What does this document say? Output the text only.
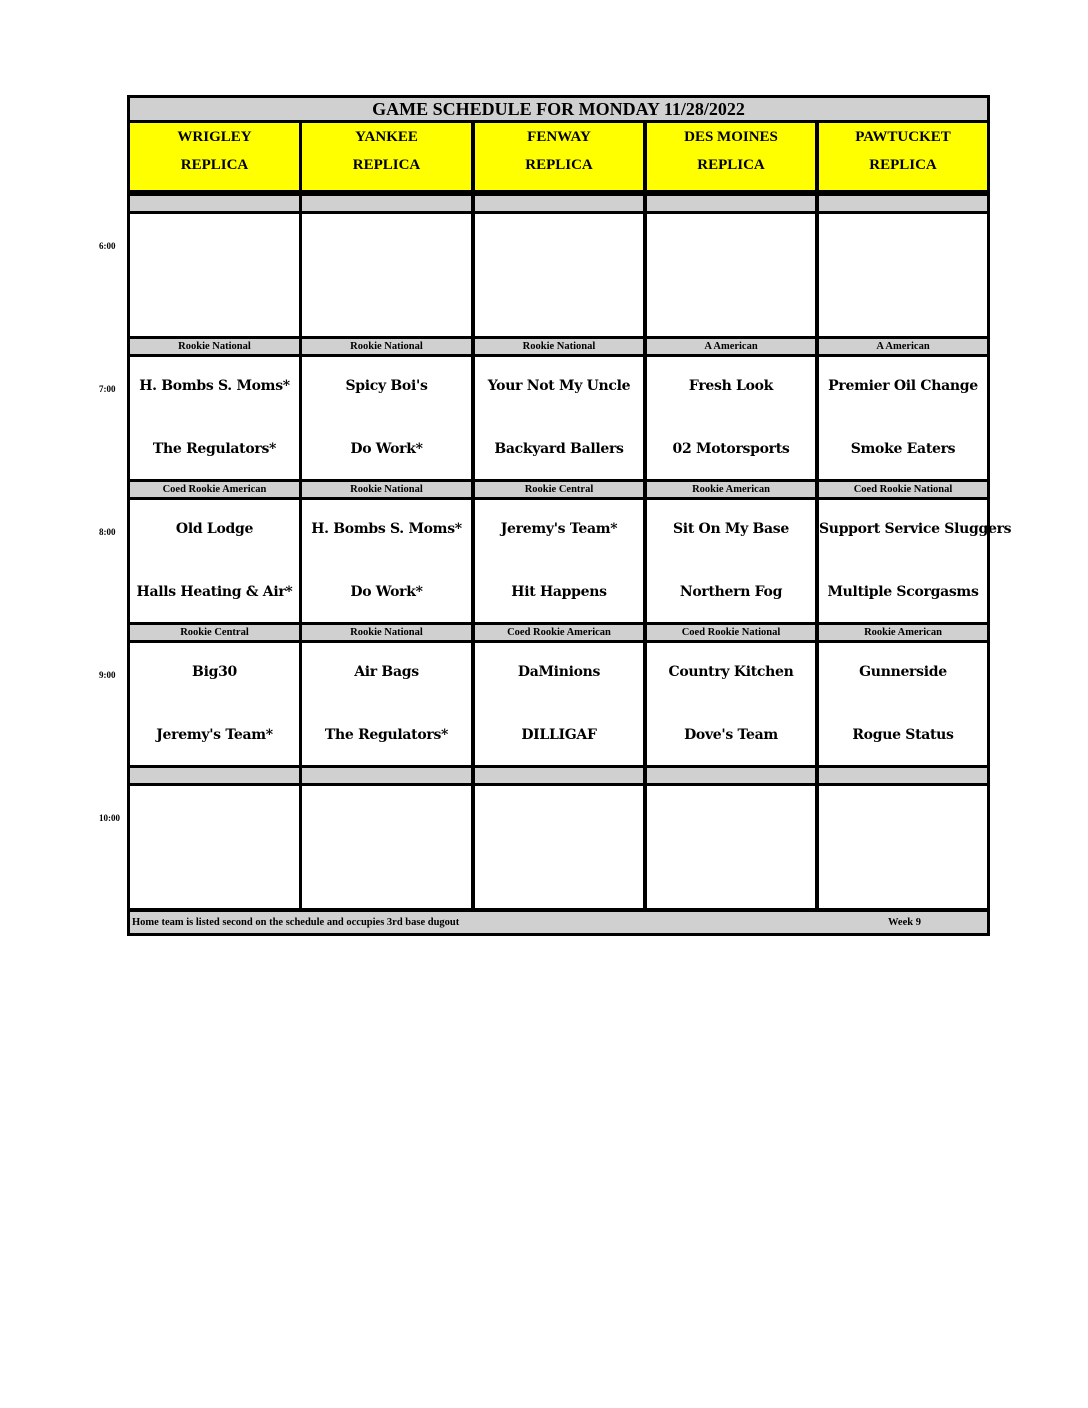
GAME SCHEDULE FOR MONDAY 11/28/2022
Home team is listed second on the schedule and occupies 3rd base dugout	Week 9
WRIGLEY
REPLICA
YANKEE
REPLICA
FENWAY
REPLICA
DES MOINES
REPLICA
PAWTUCKET
REPLICA
Rookie National
H. Bombs S. Moms*
The Regulators*
Rookie National
Spicy Boi's
Do Work*
Rookie National
Your Not My Uncle
Backyard Ballers
A American
Fresh Look
02 Motorsports
A American
Premier Oil Change
Smoke Eaters
Coed Rookie American
Old Lodge
Halls Heating & Air*
Rookie National
H. Bombs S. Moms*
Do Work*
Rookie Central
Jeremy's Team*
Hit Happens
Rookie American
Sit On My Base
Northern Fog
Coed Rookie National
Support Service Sluggers
Multiple Scorgasms
Rookie Central
Big30
Jeremy's Team*
Rookie National
Air Bags
The Regulators*
Coed Rookie American
DaMinions
DILLIGAF
Coed Rookie National
Country Kitchen
Dove's Team
Rookie American
Gunnerside
Rogue Status
6:00
7:00
8:00
9:00
10:00
